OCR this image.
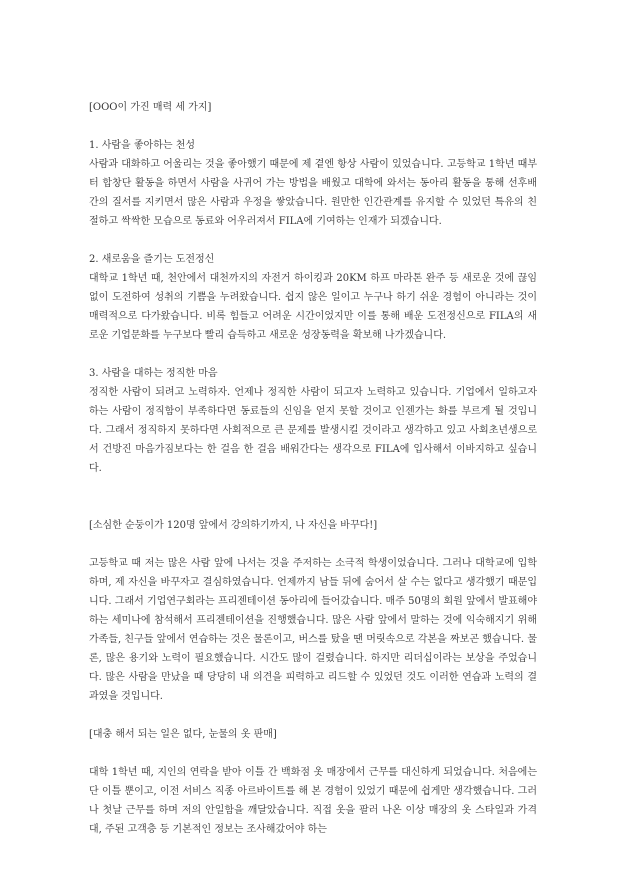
[OOO이 가진 매력 세 가지]
1. 사람을 좋아하는 천성

사람과 대화하고 어울리는 것을 좋아했기 때문에 제 곁엔 항상 사람이 있었습니다. 고등학교 1학년 때부터 합창단 활동을 하면서 사람을 사귀어 가는 방법을 배웠고 대학에 와서는 동아리 활동을 통해 선후배 간의 질서를 지키면서 많은 사람과 우정을 쌓았습니다. 원만한 인간관계를 유지할 수 있었던 특유의 친절하고 싹싹한 모습으로 동료와 어우러져서 FILA에 기여하는 인재가 되겠습니다.

2. 새로움을 즐기는 도전정신

대학교 1학년 때, 천안에서 대천까지의 자전거 하이킹과 20KM 하프 마라톤 완주 등 새로운 것에 끊임없이 도전하여 성취의 기쁨을 누려왔습니다. 쉽지 않은 일이고 누구나 하기 쉬운 경험이 아니라는 것이 매력적으로 다가왔습니다. 비록 힘들고 어려운 시간이었지만 이를 통해 배운 도전정신으로 FILA의 새로운 기업문화를 누구보다 빨리 습득하고 새로운 성장동력을 확보해 나가겠습니다.

3. 사람을 대하는 정직한 마음

정직한 사람이 되려고 노력하자. 언제나 정직한 사람이 되고자 노력하고 있습니다. 기업에서 일하고자 하는 사람이 정직함이 부족하다면 동료들의 신임을 얻지 못할 것이고 인젠가는 화를 부르게 될 것입니다. 그래서 정직하지 못하다면 사회적으로 큰 문제를 발생시킬 것이라고 생각하고 있고 사회초년생으로서 건방진 마음가짐보다는 한 걸음 한 걸음 배워간다는 생각으로 FILA에 입사해서 이바지하고 싶습니다.

[소심한 순둥이가 120명 앞에서 강의하기까지, 나 자신을 바꾸다!]

고등학교 때 저는 많은 사람 앞에 나서는 것을 주저하는 소극적 학생이었습니다. 그러나 대학교에 입학하며, 제 자신을 바꾸자고 결심하였습니다. 언제까지 남들 뒤에 숨어서 살 수는 없다고 생각했기 때문입니다. 그래서 기업연구회라는 프리젠테이션 동아리에 들어갔습니다. 매주 50명의 회원 앞에서 발표해야 하는 세미나에 참석해서 프리젠테이션을 진행했습니다. 많은 사람 앞에서 말하는 것에 익숙해지기 위해 가족들, 친구들 앞에서 연습하는 것은 물론이고, 버스를 탔을 땐 머릿속으로 각본을 짜보곤 했습니다. 물론, 많은 용기와 노력이 필요했습니다. 시간도 많이 걸렸습니다. 하지만 리더십이라는 보상을 주었습니다. 많은 사람을 만났을 때 당당히 내 의견을 피력하고 리드할 수 있었던 것도 이러한 연습과 노력의 결과였을 것입니다.

[대충 해서 되는 일은 없다, 눈물의 옷 판매]

대학 1학년 때, 지인의 연락을 받아 이틀 간 백화점 옷 매장에서 근무를 대신하게 되었습니다. 처음에는 단 이틀 뿐이고, 이전 서비스 직종 아르바이트를 해 본 경험이 있었기 때문에 쉽게만 생각했습니다. 그러나 첫날 근무를 하며 저의 안일함을 깨달았습니다. 직접 옷을 팔러 나온 이상 매장의 옷 스타일과 가격대, 주된 고객층 등 기본적인 정보는 조사해갔어야 하는
